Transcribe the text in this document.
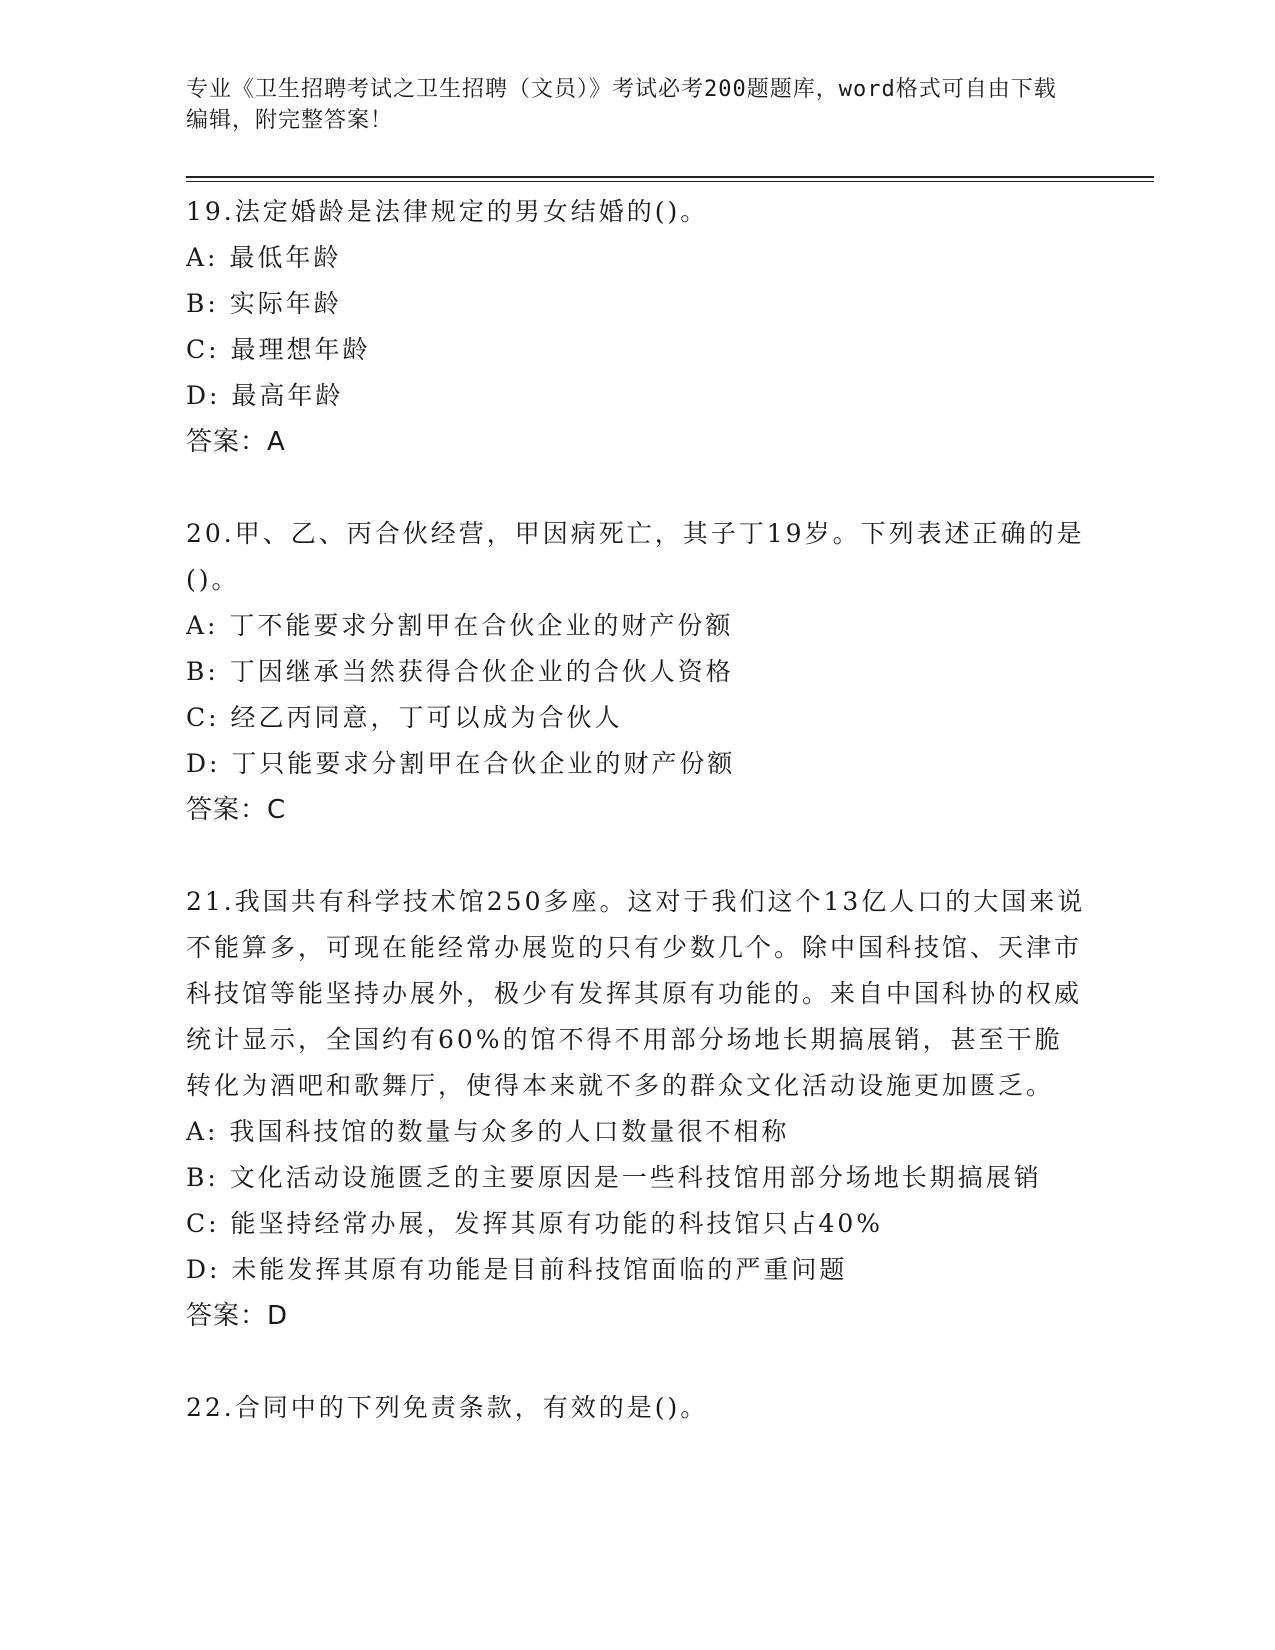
专业《卫生招聘考试之卫生招聘（文员）》考试必考200题题库，word格式可自由下载编辑，附完整答案！
19.法定婚龄是法律规定的男女结婚的()。
A: 最低年龄
B: 实际年龄
C: 最理想年龄
D: 最高年龄
答案：A
20.甲、乙、丙合伙经营，甲因病死亡，其子丁19岁。下列表述正确的是()。
A: 丁不能要求分割甲在合伙企业的财产份额
B: 丁因继承当然获得合伙企业的合伙人资格
C: 经乙丙同意，丁可以成为合伙人
D: 丁只能要求分割甲在合伙企业的财产份额
答案：C
21.我国共有科学技术馆250多座。这对于我们这个13亿人口的大国来说不能算多，可现在能经常办展览的只有少数几个。除中国科技馆、天津市科技馆等能坚持办展外，极少有发挥其原有功能的。来自中国科协的权威统计显示，全国约有60%的馆不得不用部分场地长期搞展销，甚至干脆转化为酒吧和歌舞厅，使得本来就不多的群众文化活动设施更加匮乏。
A: 我国科技馆的数量与众多的人口数量很不相称
B: 文化活动设施匮乏的主要原因是一些科技馆用部分场地长期搞展销
C: 能坚持经常办展，发挥其原有功能的科技馆只占40%
D: 未能发挥其原有功能是目前科技馆面临的严重问题
答案：D
22.合同中的下列免责条款，有效的是()。
